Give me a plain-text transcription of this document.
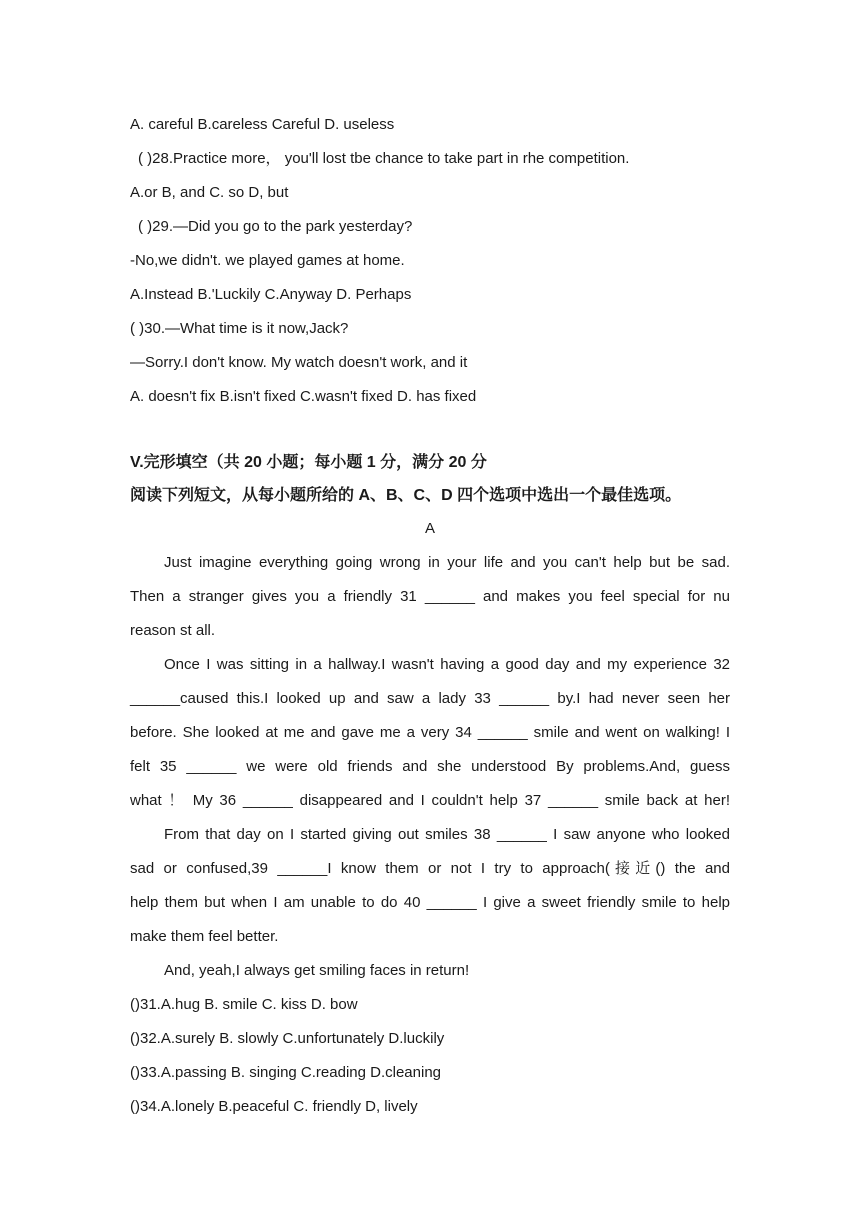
A. careful B.careless Careful D. useless
( )28.Practice more， you'll lost tbe chance to take part in rhe competition.
A.or B, and C. so D, but
( )29.—Did you go to the park yesterday?
-No,we didn't. we played games at home.
A.Instead B.'Luckily C.Anyway D. Perhaps
( )30.—What time is it now,Jack?
—Sorry.I don't know. My watch doesn't work, and it
A. doesn't fix B.isn't fixed C.wasn't fixed D. has fixed
V.完形填空（共 20 小题；每小题 1 分，满分 20 分
阅读下列短文，从每小题所给的 A、B、C、D 四个选项中选出一个最佳选项。
A
Just imagine everything going wrong in your life and you can't help but be sad.
Then a stranger gives you a friendly 31 ______ and makes you feel special for nu
reason st all.
Once I was sitting in a hallway.I wasn't having a good day and my experience 32
______caused this.I looked up and saw a lady 33 ______ by.I had never seen her
before. She looked at me and gave me a very 34 ______ smile and went on walking! I
felt 35 ______ we were old friends and she understood By problems.And, guess
what ！ My 36 ______ disappeared and I couldn't help 37 ______ smile back at her!
From that day on I started giving out smiles 38 ______ I saw anyone who looked
sad or confused,39 ______I know them or not I try to approach(接近() the and
help them but when I am unable to do 40 ______ I give a sweet friendly smile to help
make them feel better.
And, yeah,I always get smiling faces in return!
()31.A.hug B. smile C. kiss D. bow
()32.A.surely B. slowly C.unfortunately D.luckily
()33.A.passing B. singing C.reading D.cleaning
()34.A.lonely B.peaceful C. friendly D, lively
